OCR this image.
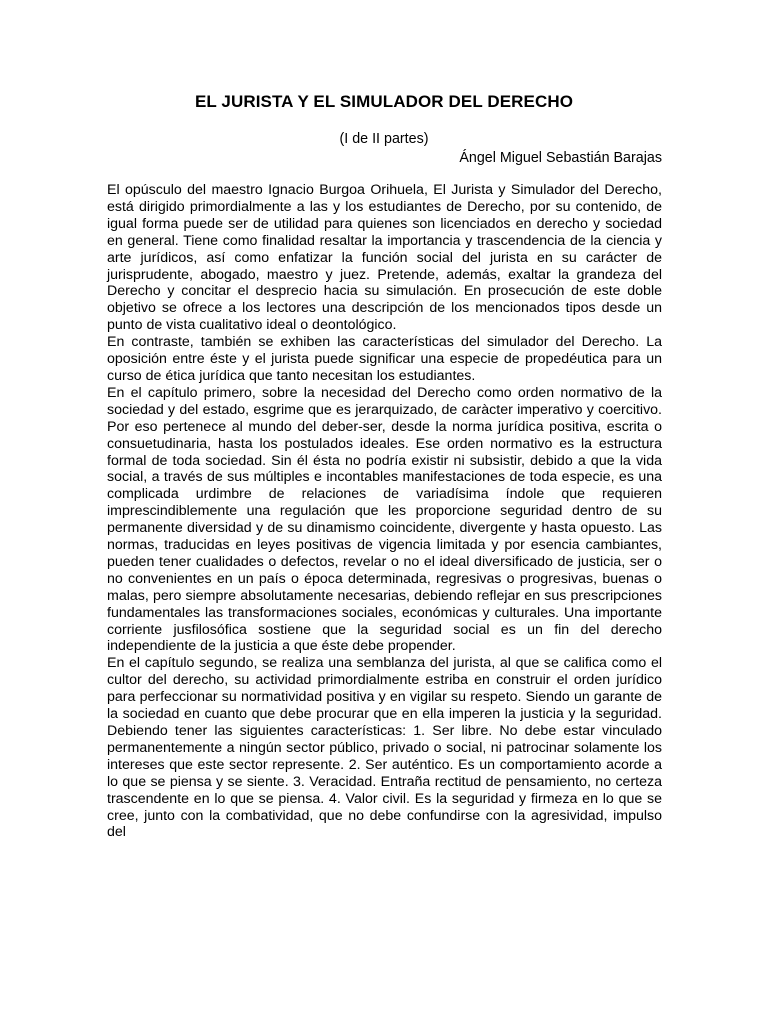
EL JURISTA Y EL SIMULADOR DEL DERECHO
(I de II partes)
Ángel Miguel Sebastián Barajas

El opúsculo del maestro Ignacio Burgoa Orihuela, El Jurista y Simulador del Derecho, está dirigido primordialmente a las y los estudiantes de Derecho, por su contenido, de igual forma puede ser de utilidad para quienes son licenciados en derecho y sociedad en general. Tiene como finalidad resaltar la importancia y trascendencia de la ciencia y arte jurídicos, así como enfatizar la función social del jurista en su carácter de jurisprudente, abogado, maestro y juez. Pretende, además, exaltar la grandeza del Derecho y concitar el desprecio hacia su simulación. En prosecución de este doble objetivo se ofrece a los lectores una descripción de los mencionados tipos desde un punto de vista cualitativo ideal o deontológico.

En contraste, también se exhiben las características del simulador del Derecho. La oposición entre éste y el jurista puede significar una especie de propedéutica para un curso de ética jurídica que tanto necesitan los estudiantes.

En el capítulo primero, sobre la necesidad del Derecho como orden normativo de la sociedad y del estado, esgrime que es jerarquizado, de caràcter imperativo y coercitivo. Por eso pertenece al mundo del deber-ser, desde la norma jurídica positiva, escrita o consuetudinaria, hasta los postulados ideales. Ese orden normativo es la estructura formal de toda sociedad. Sin él ésta no podría existir ni subsistir, debido a que la vida social, a través de sus múltiples e incontables manifestaciones de toda especie, es una complicada urdimbre de relaciones de variadísima índole que requieren imprescindiblemente una regulación que les proporcione seguridad dentro de su permanente diversidad y de su dinamismo coincidente, divergente y hasta opuesto. Las normas, traducidas en leyes positivas de vigencia limitada y por esencia cambiantes, pueden tener cualidades o defectos, revelar o no el ideal diversificado de justicia, ser o no convenientes en un país o época determinada, regresivas o progresivas, buenas o malas, pero siempre absolutamente necesarias, debiendo reflejar en sus prescripciones fundamentales las transformaciones sociales, económicas y culturales. Una importante corriente jusfilosófica sostiene que la seguridad social es un fin del derecho independiente de la justicia a que éste debe propender.

En el capítulo segundo, se realiza una semblanza del jurista, al que se califica como el cultor del derecho, su actividad primordialmente estriba en construir el orden jurídico para perfeccionar su normatividad positiva y en vigilar su respeto. Siendo un garante de la sociedad en cuanto que debe procurar que en ella imperen la justicia y la seguridad. Debiendo tener las siguientes características: 1. Ser libre. No debe estar vinculado permanentemente a ningún sector público, privado o social, ni patrocinar solamente los intereses que este sector represente. 2. Ser auténtico. Es un comportamiento acorde a lo que se piensa y se siente. 3. Veracidad. Entraña rectitud de pensamiento, no certeza trascendente en lo que se piensa. 4. Valor civil. Es la seguridad y firmeza en lo que se cree, junto con la combatividad, que no debe confundirse con la agresividad, impulso del
